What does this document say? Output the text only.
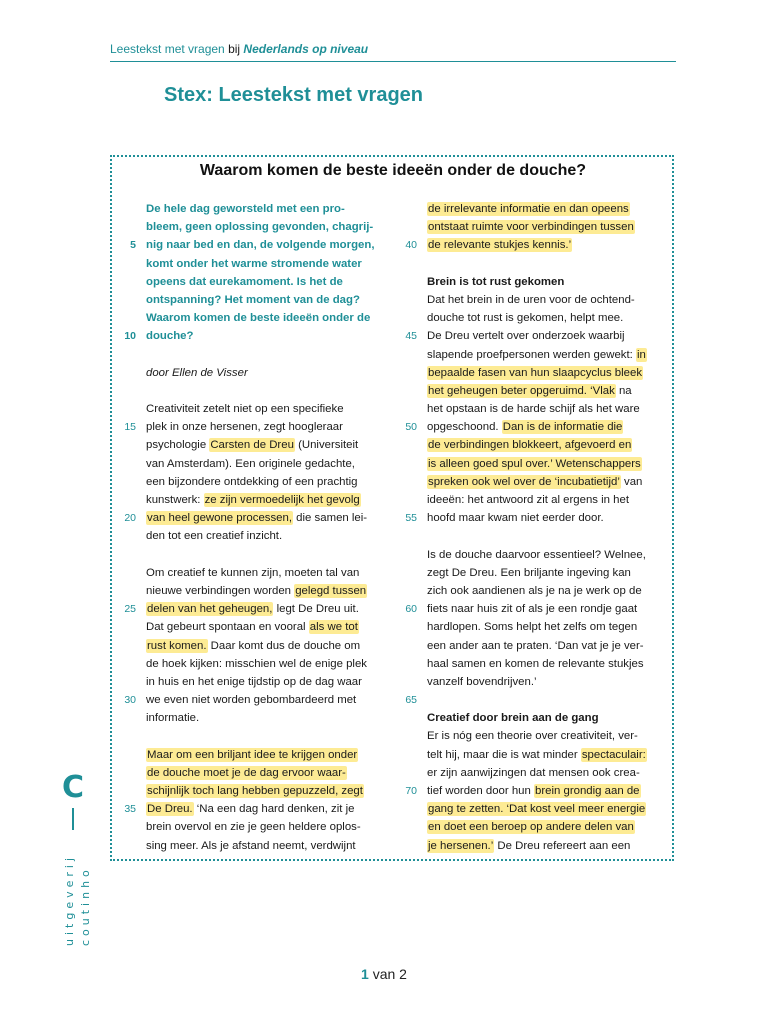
Leestekst met vragen bij Nederlands op niveau
Stex: Leestekst met vragen
Waarom komen de beste ideeën onder de douche?
De hele dag geworsteld met een pro-
bleem, geen oplossing gevonden, chagrij-
5 nig naar bed en dan, de volgende morgen,
komt onder het warme stromende water
opeens dat eurekamoment. Is het de
ontspanning? Het moment van de dag?
Waarom komen de beste ideeën onder de
10 douche?
door Ellen de Visser
Creativiteit zetelt niet op een specifieke
15 plek in onze hersenen, zegt hoogleraar
psychologie Carsten de Dreu (Universiteit
van Amsterdam). Een originele gedachte,
een bijzondere ontdekking of een prachtig
kunstwerk: ze zijn vermoedelijk het gevolg
20 van heel gewone processen, die samen lei-
den tot een creatief inzicht.
Om creatief te kunnen zijn, moeten tal van
nieuwe verbindingen worden gelegd tussen
25 delen van het geheugen, legt De Dreu uit.
Dat gebeurt spontaan en vooral als we tot
rust komen. Daar komt dus de douche om
de hoek kijken: misschien wel de enige plek
in huis en het enige tijdstip op de dag waar
30 we even niet worden gebombardeerd met
informatie.
Maar om een briljant idee te krijgen onder
de douche moet je de dag ervoor waar-
schijnlijk toch lang hebben gepuzzeld, zegt
35 De Dreu. ‘Na een dag hard denken, zit je
brein overvol en zie je geen heldere oplos-
sing meer. Als je afstand neemt, verdwijnt
de irrelevante informatie en dan opeens
ontstaat ruimte voor verbindingen tussen
40 de relevante stukjes kennis.’
Brein is tot rust gekomen
Dat het brein in de uren voor de ochtend-
douche tot rust is gekomen, helpt mee.
45 De Dreu vertelt over onderzoek waarbij
slapende proefpersonen werden gewekt: in
bepaalde fasen van hun slaapcyclus bleek
het geheugen beter opgeruimd. ‘Vlak na
het opstaan is de harde schijf als het ware
50 opgeschoond. Dan is de informatie die
de verbindingen blokkeert, afgevoerd en
is alleen goed spul over.’ Wetenschappers
spreken ook wel over de ‘incubatietijd’ van
ideeën: het antwoord zit al ergens in het
55 hoofd maar kwam niet eerder door.
Is de douche daarvoor essentieel? Welnee,
zegt De Dreu. Een briljante ingeving kan
zich ook aandienen als je na je werk op de
60 fiets naar huis zit of als je een rondje gaat
hardlopen. Soms helpt het zelfs om tegen
een ander aan te praten. ‘Dan vat je je ver-
haal samen en komen de relevante stukjes
vanzelf bovendrijven.’
65
Creatief door brein aan de gang
Er is nóg een theorie over creativiteit, ver-
telt hij, maar die is wat minder spectaculair:
er zijn aanwijzingen dat mensen ook crea-
70 tief worden door hun brein grondig aan de
gang te zetten. ‘Dat kost veel meer energie
en doet een beroep op andere delen van
je hersenen.’ De Dreu refereert aan een
C
uitgeverij coutinho
1 van 2
